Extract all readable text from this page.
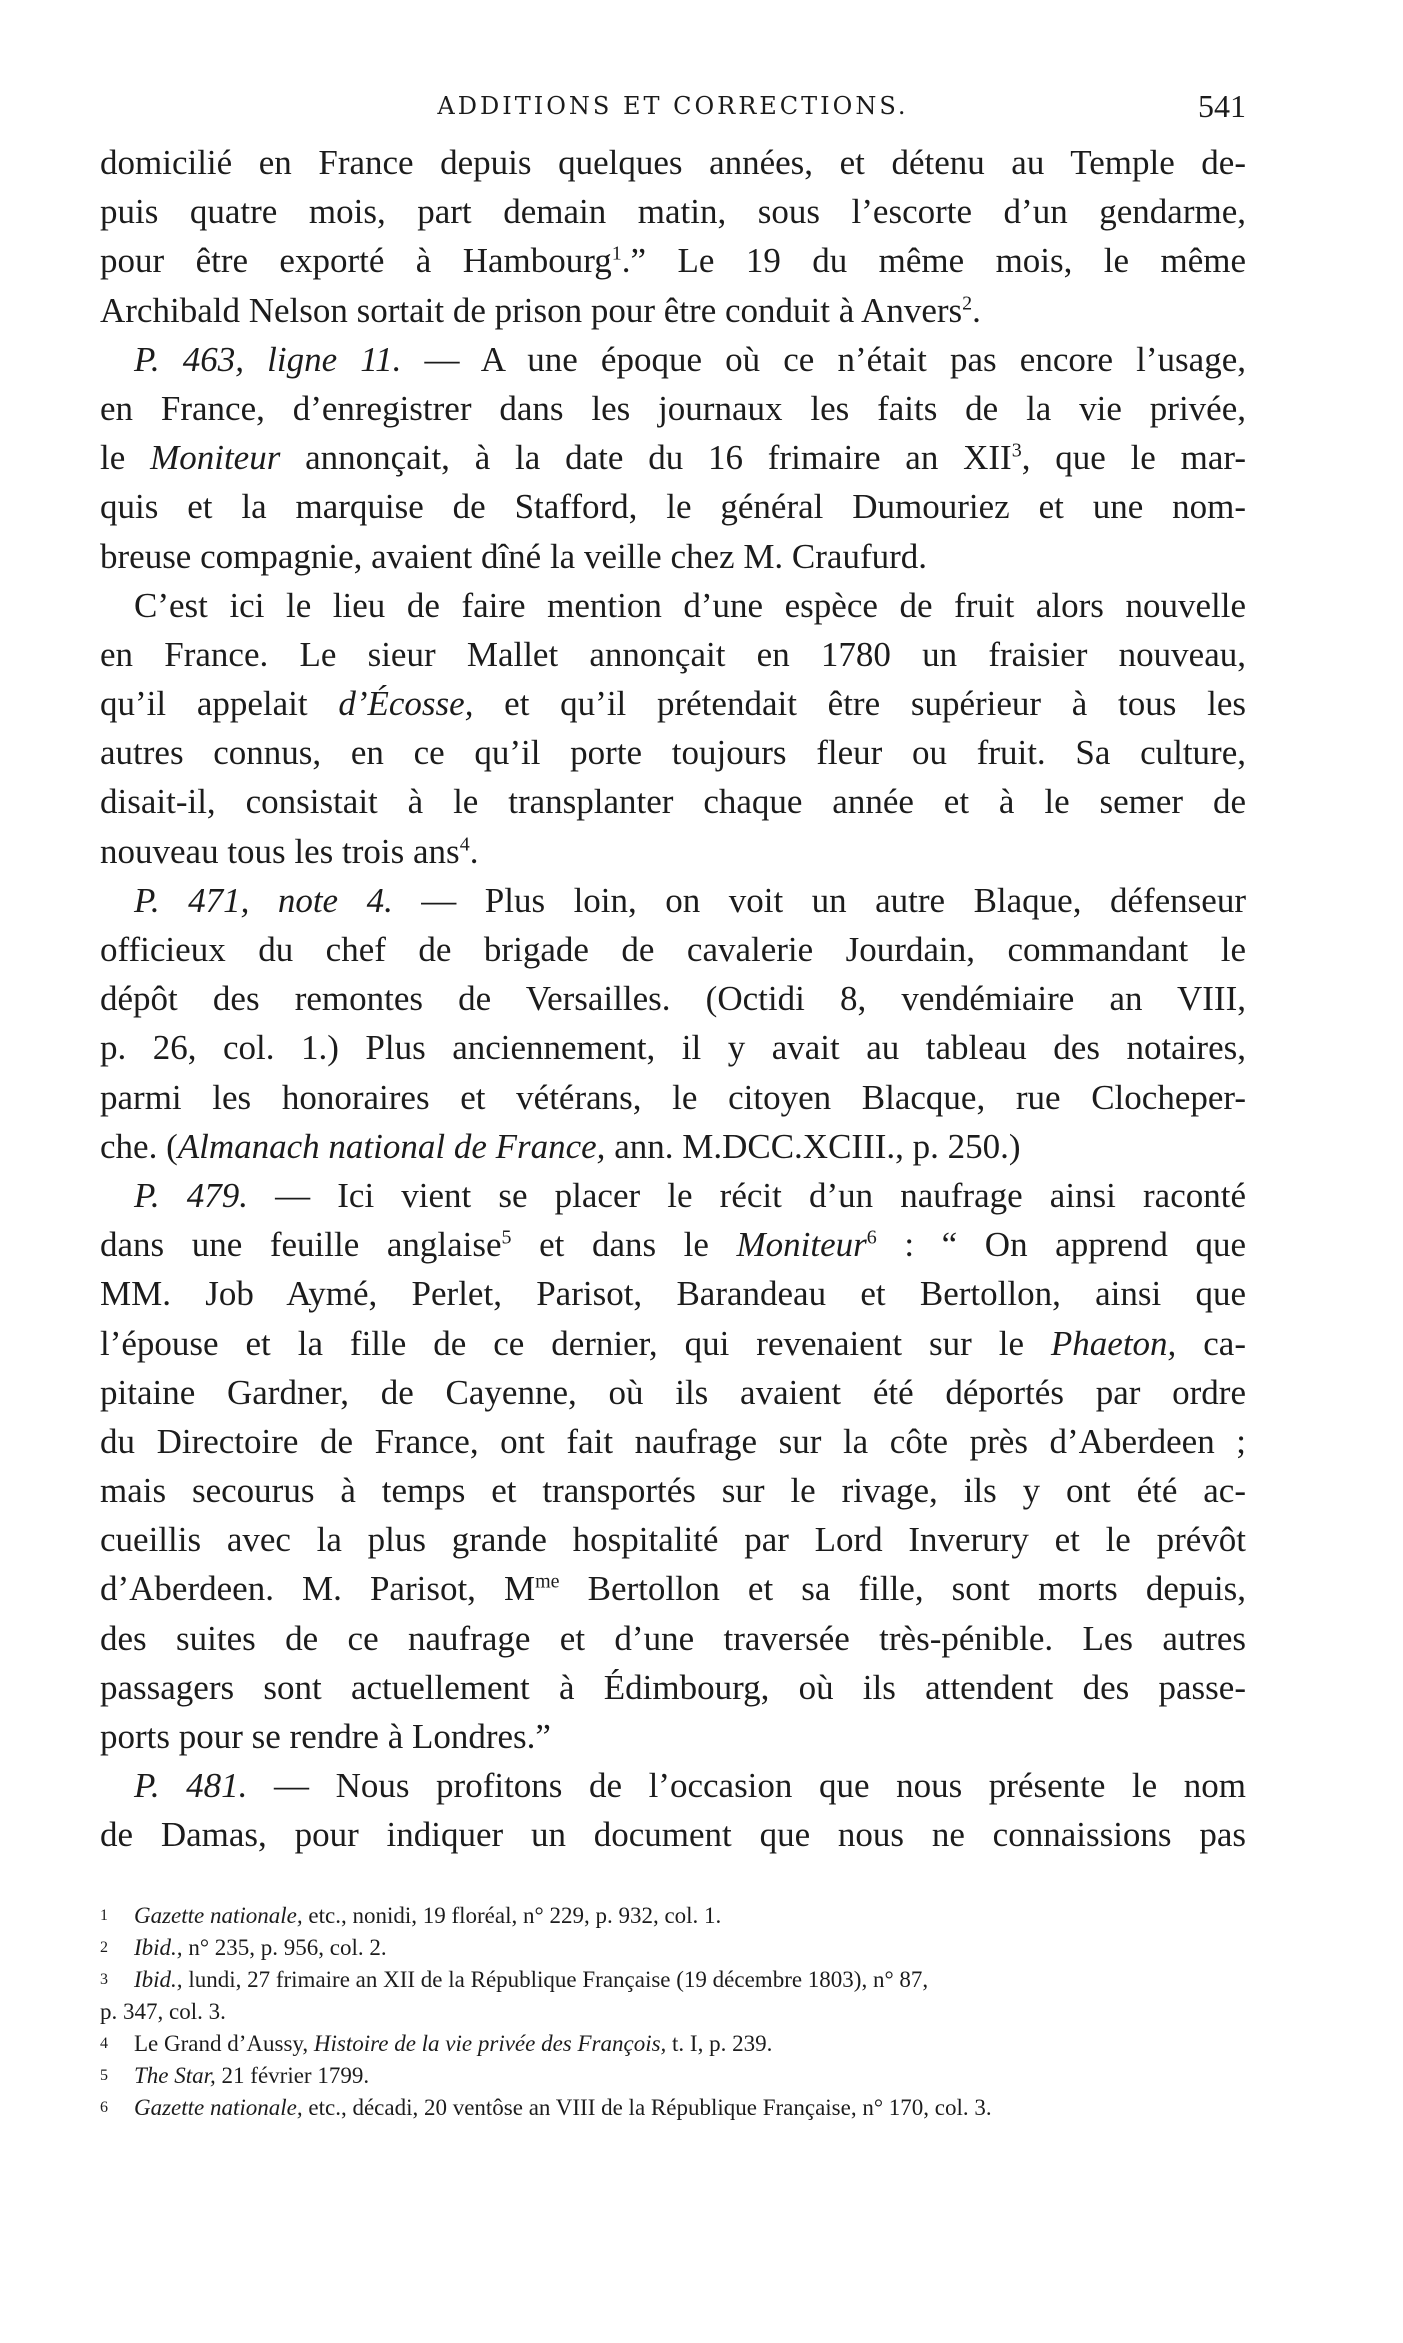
ADDITIONS ET CORRECTIONS.	541
domicilié en France depuis quelques années, et détenu au Temple de-
puis quatre mois, part demain matin, sous l’escorte d’un gendarme,
pour être exporté à Hambourg$^1$.” Le 19 du même mois, le même
Archibald Nelson sortait de prison pour être conduit à Anvers$^2$.
P. 463, ligne 11. — A une époque où ce n’était pas encore l’usage,
en France, d’enregistrer dans les journaux les faits de la vie privée,
le Moniteur annonçait, à la date du 16 frimaire an XII$^3$, que le mar-
quis et la marquise de Stafford, le général Dumouriez et une nom-
breuse compagnie, avaient dîné la veille chez M. Craufurd.
C’est ici le lieu de faire mention d’une espèce de fruit alors nouvelle
en France. Le sieur Mallet annonçait en 1780 un fraisier nouveau,
qu’il appelait d’Écosse, et qu’il prétendait être supérieur à tous les
autres connus, en ce qu’il porte toujours fleur ou fruit. Sa culture,
disait-il, consistait à le transplanter chaque année et à le semer de
nouveau tous les trois ans$^4$.
P. 471, note 4. — Plus loin, on voit un autre Blaque, défenseur
officieux du chef de brigade de cavalerie Jourdain, commandant le
dépôt des remontes de Versailles. (Octidi 8, vendémiaire an VIII,
p. 26, col. 1.) Plus anciennement, il y avait au tableau des notaires,
parmi les honoraires et vétérans, le citoyen Blacque, rue Clocheper-
che. (Almanach national de France, ann. M.DCC.XCIII., p. 250.)
P. 479. — Ici vient se placer le récit d’un naufrage ainsi raconté
dans une feuille anglaise$^5$ et dans le Moniteur$^6$ : “ On apprend que
MM. Job Aymé, Perlet, Parisot, Barandeau et Bertollon, ainsi que
l’épouse et la fille de ce dernier, qui revenaient sur le Phaeton, ca-
pitaine Gardner, de Cayenne, où ils avaient été déportés par ordre
du Directoire de France, ont fait naufrage sur la côte près d’Aberdeen ;
mais secourus à temps et transportés sur le rivage, ils y ont été ac-
cueillis avec la plus grande hospitalité par Lord Inverury et le prévôt
d’Aberdeen. M. Parisot, $M^{me}$ Bertollon et sa fille, sont morts depuis,
des suites de ce naufrage et d’une traversée très-pénible. Les autres
passagers sont actuellement à Édimbourg, où ils attendent des passe-
ports pour se rendre à Londres.”
P. 481. — Nous profitons de l’occasion que nous présente le nom
de Damas, pour indiquer un document que nous ne connaissions pas
1 Gazette nationale, etc., nonidi, 19 floréal, n° 229, p. 932, col. 1.
2 Ibid., n° 235, p. 956, col. 2.
3 Ibid., lundi, 27 frimaire an XII de la République Française (19 décembre 1803), n° 87,
p. 347, col. 3.
4 Le Grand d’Aussy, Histoire de la vie privée des François, t. I, p. 239.
5 The Star, 21 février 1799.
6 Gazette nationale, etc., décadi, 20 ventôse an VIII de la République Française, n° 170, col. 3.
